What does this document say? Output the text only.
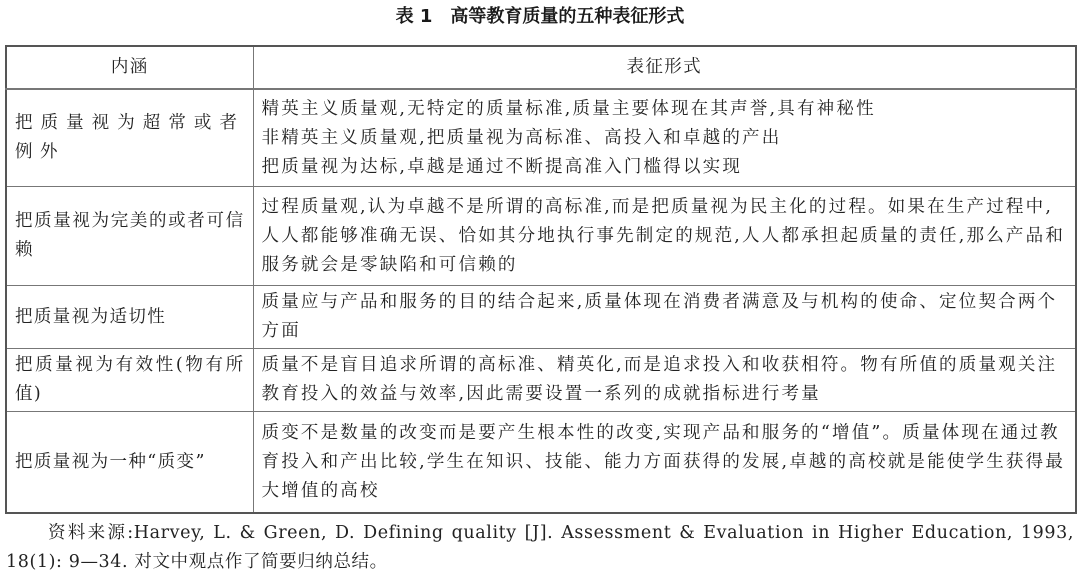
表 1 高等教育质量的五种表征形式
内涵	表征形式
把质量视为超常或者例外	精英主义质量观,无特定的质量标准,质量主要体现在其声誉,具有神秘性
非精英主义质量观,把质量视为高标准、高投入和卓越的产出
把质量视为达标,卓越是通过不断提高准入门槛得以实现

把质量视为完美的或者可信赖	过程质量观,认为卓越不是所谓的高标准,而是把质量视为民主化的过程。如果在生产过程中,人人都能够准确无误、恰如其分地执行事先制定的规范,人人都承担起质量的责任,那么产品和服务就会是零缺陷和可信赖的
把质量视为适切性	质量应与产品和服务的目的结合起来,质量体现在消费者满意及与机构的使命、定位契合两个方面
把质量视为有效性(物有所值)	质量不是盲目追求所谓的高标准、精英化,而是追求投入和收获相符。物有所值的质量观关注教育投入的效益与效率,因此需要设置一系列的成就指标进行考量
把质量视为一种“质变”	质变不是数量的改变而是要产生根本性的改变,实现产品和服务的“增值”。质量体现在通过教育投入和产出比较,学生在知识、技能、能力方面获得的发展,卓越的高校就是能使学生获得最大增值的高校
资料来源:Harvey, L. & Green, D. Defining quality [J]. Assessment & Evaluation in Higher Education, 1993, 18(1): 9—34. 对文中观点作了简要归纳总结。
